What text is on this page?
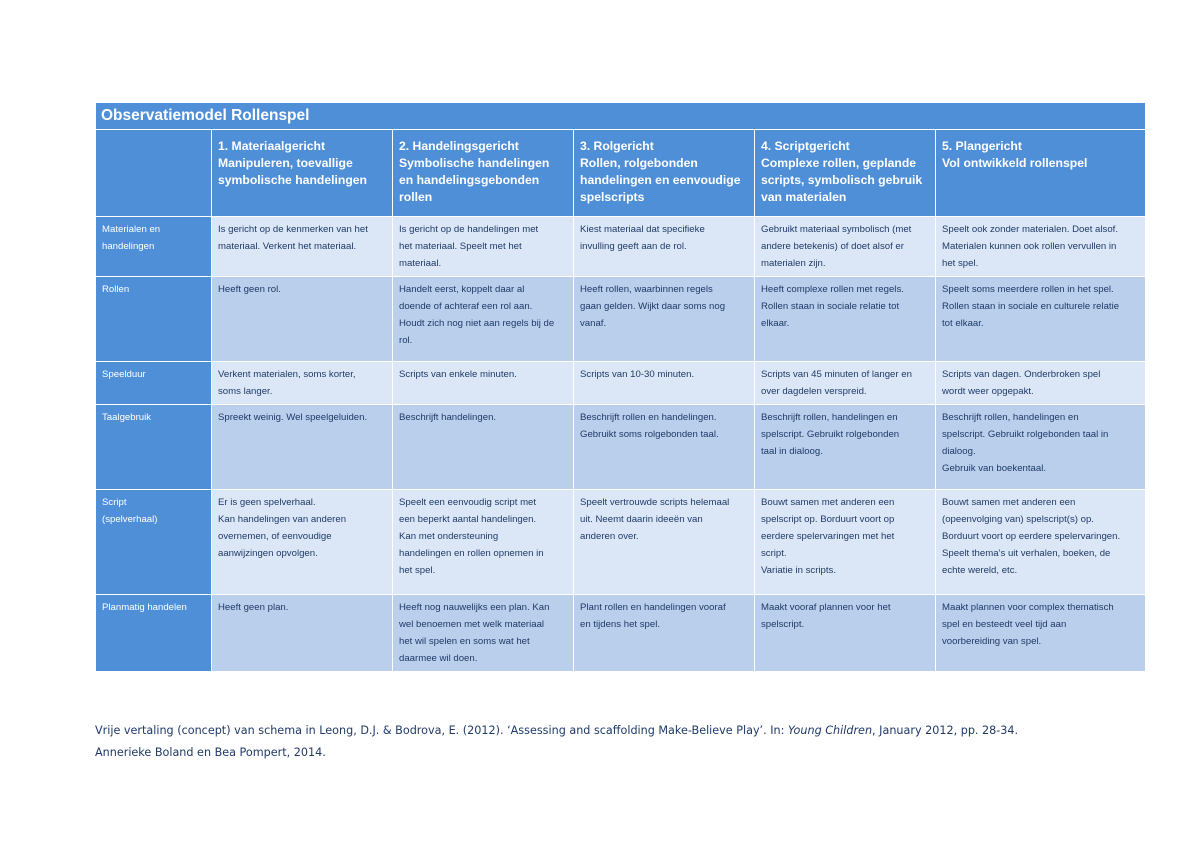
Observatiemodel Rollenspel					

	1. Materiaalgericht
Manipuleren, toevallige
symbolische handelingen	2. Handelingsgericht
Symbolische handelingen
en handelingsgebonden
rollen	3. Rolgericht
Rollen, rolgebonden
handelingen en eenvoudige
spelscripts	4. Scriptgericht
Complexe rollen, geplande
scripts, symbolisch gebruik
van materialen	5. Plangericht
Vol ontwikkeld rollenspel

Materialen en
handelingen	Is gericht op de kenmerken van het
materiaal. Verkent het materiaal.	Is gericht op de handelingen met
het materiaal. Speelt met het
materiaal.	Kiest materiaal dat specifieke
invulling geeft aan de rol.	Gebruikt materiaal symbolisch (met
andere betekenis) of doet alsof er
materialen zijn.	Speelt ook zonder materialen. Doet alsof.
Materialen kunnen ook rollen vervullen in
het spel.

Rollen	Heeft geen rol.	Handelt eerst, koppelt daar al
doende of achteraf een rol aan.
Houdt zich nog niet aan regels bij de
rol.	Heeft rollen, waarbinnen regels
gaan gelden. Wijkt daar soms nog
vanaf.	Heeft complexe rollen met regels.
Rollen staan in sociale relatie tot
elkaar.	Speelt soms meerdere rollen in het spel.
Rollen staan in sociale en culturele relatie
tot elkaar.

Speelduur	Verkent materialen, soms korter,
soms langer.	Scripts van enkele minuten.	Scripts van 10-30 minuten.	Scripts van 45 minuten of langer en
over dagdelen verspreid.	Scripts van dagen. Onderbroken spel
wordt weer opgepakt.

Taalgebruik	Spreekt weinig. Wel speelgeluiden.	Beschrijft handelingen.	Beschrijft rollen en handelingen.
Gebruikt soms rolgebonden taal.	Beschrijft rollen, handelingen en
spelscript. Gebruikt rolgebonden
taal in dialoog.	Beschrijft rollen, handelingen en
spelscript. Gebruikt rolgebonden taal in
dialoog.
Gebruik van boekentaal.

Script
(spelverhaal)	Er is geen spelverhaal.
Kan handelingen van anderen
overnemen, of eenvoudige
aanwijzingen opvolgen.	Speelt een eenvoudig script met
een beperkt aantal handelingen.
Kan met ondersteuning
handelingen en rollen opnemen in
het spel.	Speelt vertrouwde scripts helemaal
uit. Neemt daarin ideeën van
anderen over.	Bouwt samen met anderen een
spelscript op. Borduurt voort op
eerdere spelervaringen met het
script.
Variatie in scripts.	Bouwt samen met anderen een
(opeenvolging van) spelscript(s) op.
Borduurt voort op eerdere spelervaringen.
Speelt thema’s uit verhalen, boeken, de
echte wereld, etc.

Planmatig handelen	Heeft geen plan.	Heeft nog nauwelijks een plan. Kan
wel benoemen met welk materiaal
het wil spelen en soms wat het
daarmee wil doen.	Plant rollen en handelingen vooraf
en tijdens het spel.	Maakt vooraf plannen voor het
spelscript.	Maakt plannen voor complex thematisch
spel en besteedt veel tijd aan
voorbereiding van spel.
Vrije vertaling (concept) van schema in Leong, D.J. & Bodrova, E. (2012). ‘Assessing and scaffolding Make-Believe Play’. In: Young Children, January 2012, pp. 28-34.
Annerieke Boland en Bea Pompert, 2014.
